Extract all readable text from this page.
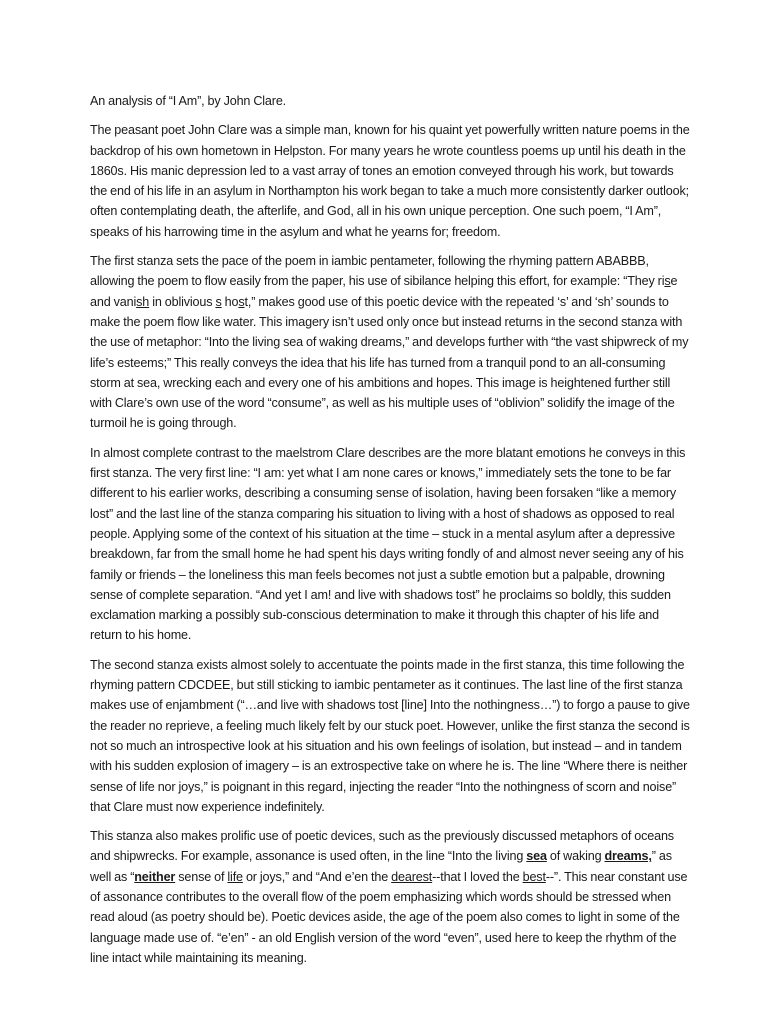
An analysis of “I Am”, by John Clare.
The peasant poet John Clare was a simple man, known for his quaint yet powerfully written nature poems in the backdrop of his own hometown in Helpston. For many years he wrote countless poems up until his death in the 1860s. His manic depression led to a vast array of tones an emotion conveyed through his work, but towards the end of his life in an asylum in Northampton his work began to take a much more consistently darker outlook; often contemplating death, the afterlife, and God, all in his own unique perception. One such poem, “I Am”, speaks of his harrowing time in the asylum and what he yearns for; freedom.
The first stanza sets the pace of the poem in iambic pentameter, following the rhyming pattern ABABBB, allowing the poem to flow easily from the paper, his use of sibilance helping this effort, for example: “They rise and vanish in oblivious s host,” makes good use of this poetic device with the repeated ‘s’ and ‘sh’ sounds to make the poem flow like water. This imagery isn’t used only once but instead returns in the second stanza with the use of metaphor: “Into the living sea of waking dreams,” and develops further with “the vast shipwreck of my life’s esteems;” This really conveys the idea that his life has turned from a tranquil pond to an all-consuming storm at sea, wrecking each and every one of his ambitions and hopes. This image is heightened further still with Clare’s own use of the word “consume”, as well as his multiple uses of “oblivion” solidify the image of the turmoil he is going through.
In almost complete contrast to the maelstrom Clare describes are the more blatant emotions he conveys in this first stanza. The very first line: “I am: yet what I am none cares or knows,” immediately sets the tone to be far different to his earlier works, describing a consuming sense of isolation, having been forsaken “like a memory lost” and the last line of the stanza comparing his situation to living with a host of shadows as opposed to real people. Applying some of the context of his situation at the time – stuck in a mental asylum after a depressive breakdown, far from the small home he had spent his days writing fondly of and almost never seeing any of his family or friends – the loneliness this man feels becomes not just a subtle emotion but a palpable, drowning sense of complete separation. “And yet I am! and live with shadows tost” he proclaims so boldly, this sudden exclamation marking a possibly sub-conscious determination to make it through this chapter of his life and return to his home.
The second stanza exists almost solely to accentuate the points made in the first stanza, this time following the rhyming pattern CDCDEE, but still sticking to iambic pentameter as it continues. The last line of the first stanza makes use of enjambment (“…and live with shadows tost [line] Into the nothingness…”) to forgo a pause to give the reader no reprieve, a feeling much likely felt by our stuck poet. However, unlike the first stanza the second is not so much an introspective look at his situation and his own feelings of isolation, but instead – and in tandem with his sudden explosion of imagery – is an extrospective take on where he is. The line “Where there is neither sense of life nor joys,” is poignant in this regard, injecting the reader “Into the nothingness of scorn and noise” that Clare must now experience indefinitely.
This stanza also makes prolific use of poetic devices, such as the previously discussed metaphors of oceans and shipwrecks. For example, assonance is used often, in the line “Into the living sea of waking dreams,” as well as “neither sense of life or joys,” and “And e’en the dearest--that I loved the best--”. This near constant use of assonance contributes to the overall flow of the poem emphasizing which words should be stressed when read aloud (as poetry should be). Poetic devices aside, the age of the poem also comes to light in some of the language made use of. “e’en” - an old English version of the word “even”, used here to keep the rhythm of the line intact while maintaining its meaning.
